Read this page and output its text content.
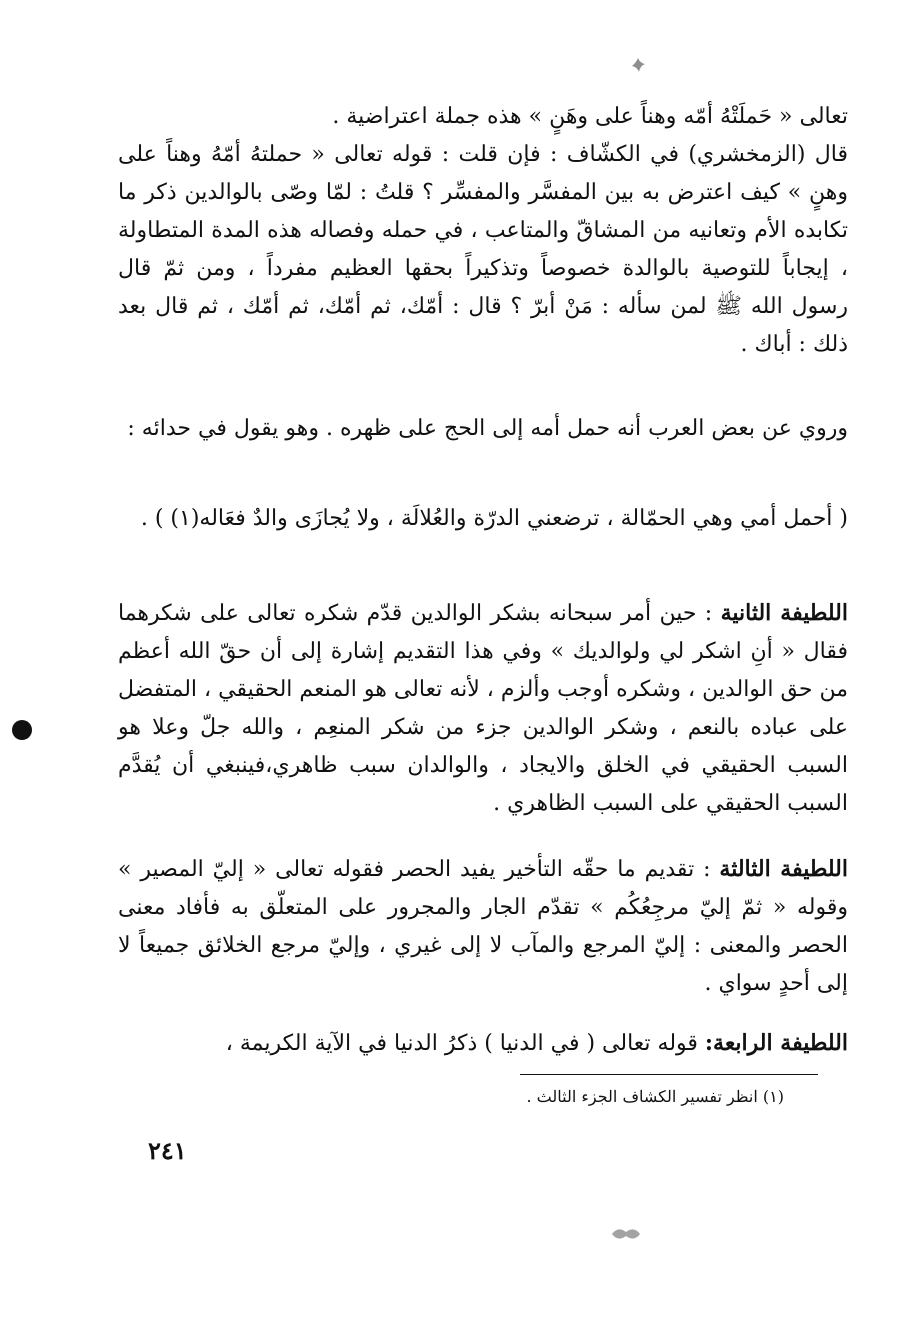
تعالى « حَملَتْهُ أمّه وهناً على وهَنٍ » هذه جملة اعتراضية .

قال (الزمخشري) في الكشّاف : فإن قلت : قوله تعالى « حملتهُ أمّهُ وهناً على وهنٍ » كيف اعترض به بين المفسَّر والمفسِّر ؟ قلتُ : لمّا وصّى بالوالدين ذكر ما تكابده الأم وتعانيه من المشاقّ والمتاعب ، في حمله وفصاله هذه المدة المتطاولة ، إيجاباً للتوصية بالوالدة خصوصاً وتذكيراً بحقها العظيم مفرداً ، ومن ثمّ قال رسول الله ﷺ لمن سأله : مَنْ أبرّ ؟ قال : أمّك، ثم أمّك، ثم أمّك ، ثم قال بعد ذلك : أباك .

وروي عن بعض العرب أنه حمل أمه إلى الحج على ظهره . وهو يقول في حدائه :

( أحمل أمي وهي الحمّالة ، ترضعني الدرّة والعُلالَة ، ولا يُجازَى والدٌ فعَاله(١) ) .

اللطيفة الثانية : حين أمر سبحانه بشكر الوالدين قدّم شكره تعالى على شكرهما فقال « أنِ اشكر لي ولوالديك » وفي هذا التقديم إشارة إلى أن حقّ الله أعظم من حق الوالدين ، وشكره أوجب وألزم ، لأنه تعالى هو المنعم الحقيقي ، المتفضل على عباده بالنعم ، وشكر الوالدين جزء من شكر المنعِم ، والله جلّ وعلا هو السبب الحقيقي في الخلق والايجاد ، والوالدان سبب ظاهري،فينبغي أن يُقدَّم السبب الحقيقي على السبب الظاهري .

اللطيفة الثالثة : تقديم ما حقّه التأخير يفيد الحصر فقوله تعالى « إليّ المصير » وقوله « ثمّ إليّ مرجِعُكُم » تقدّم الجار والمجرور على المتعلّق به فأفاد معنى الحصر والمعنى : إليّ المرجع والمآب لا إلى غيري ، وإليّ مرجع الخلائق جميعاً لا إلى أحدٍ سواي .

اللطيفة الرابعة: قوله تعالى ( في الدنيا ) ذكرُ الدنيا في الآية الكريمة ،

(١) انظر تفسير الكشاف الجزء الثالث .
٢٤١
